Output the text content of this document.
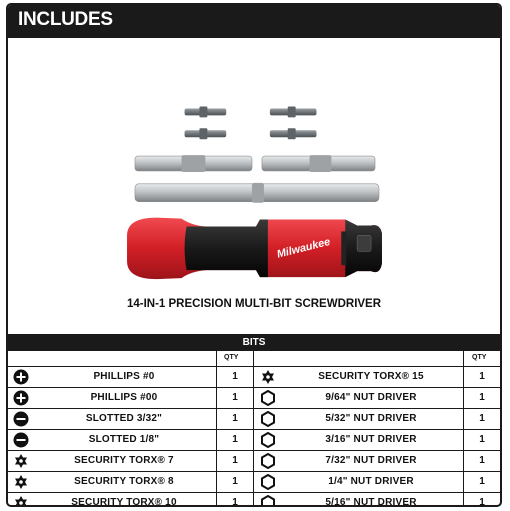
INCLUDES
Milwaukee
14-IN-1 PRECISION MULTI-BIT SCREWDRIVER
BITS
QTY	QTY
PHILLIPS #0	1	SECURITY TORX® 15	1
PHILLIPS #00	1	9/64" NUT DRIVER	1
SLOTTED 3/32"	1	5/32" NUT DRIVER	1
SLOTTED 1/8"	1	3/16" NUT DRIVER	1
SECURITY TORX® 7	1	7/32" NUT DRIVER	1
SECURITY TORX® 8	1	1/4" NUT DRIVER	1
SECURITY TORX® 10	1	5/16" NUT DRIVER	1
